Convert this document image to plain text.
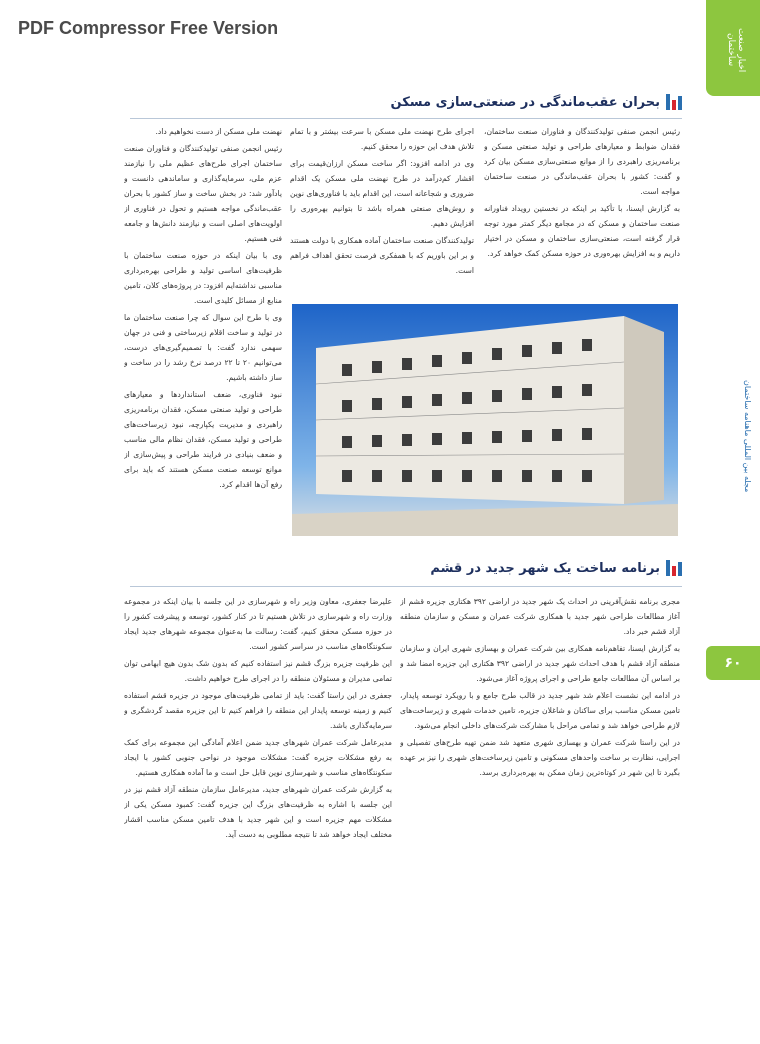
PDF Compressor Free Version	اخبار صنعت ساختمان
مجله بین المللی ماهنامه ساختمان
۶۰
بحران عقب‌ماندگی در صنعتی‌سازی مسکن

رئیس انجمن صنفی تولیدکنندگان و فناوران صنعت ساختمان، فقدان ضوابط و معیارهای طراحی و تولید صنعتی مسکن و برنامه‌ریزی راهبردی را از موانع صنعتی‌سازی مسکن بیان کرد و گفت: کشور با بحران عقب‌ماندگی در صنعت ساختمان مواجه است.

به گزارش ایسنا، با تأکید بر اینکه در نخستین رویداد فناورانه صنعت ساختمان و مسکن که در مجامع دیگر کمتر مورد توجه قرار گرفته است، صنعتی‌سازی ساختمان و مسکن در اختیار داریم و به افزایش بهره‌وری در حوزه مسکن کمک خواهد کرد.

اجرای طرح نهضت ملی مسکن با سرعت بیشتر و با تمام تلاش هدف این حوزه را محقق کنیم.

وی در ادامه افزود: اگر ساخت مسکن ارزان‌قیمت برای اقشار کم‌درآمد در طرح نهضت ملی مسکن یک اقدام ضروری و شجاعانه است، این اقدام باید با فناوری‌های نوین و روش‌های صنعتی همراه باشد تا بتوانیم بهره‌وری را افزایش دهیم.

تولیدکنندگان صنعت ساختمان آماده همکاری با دولت هستند و بر این باوریم که با همفکری فرصت تحقق اهداف فراهم است.

نهضت ملی مسکن از دست نخواهیم داد.

رئیس انجمن صنفی تولیدکنندگان و فناوران صنعت ساختمان اجرای طرح‌های عظیم ملی را نیازمند عزم ملی، سرمایه‌گذاری و ساماندهی دانست و یادآور شد: در بخش ساخت و ساز کشور با بحران عقب‌ماندگی مواجه هستیم و تحول در فناوری از اولویت‌های اصلی است و نیازمند دانش‌ها و جامعه فنی هستیم.

وی با بیان اینکه در حوزه صنعت ساختمان با ظرفیت‌های اساسی تولید و طراحی بهره‌برداری مناسبی نداشته‌ایم افزود: در پروژه‌های کلان، تامین منابع از مسائل کلیدی است.

وی با طرح این سوال که چرا صنعت ساختمان ما در تولید و ساخت اقلام زیرساختی و فنی در جهان سهمی ندارد گفت: با تصمیم‌گیری‌های درست، می‌توانیم ۲۰ تا ۲۲ درصد نرخ رشد را در ساخت و ساز داشته باشیم.

نبود فناوری، ضعف استانداردها و معیارهای طراحی و تولید صنعتی مسکن، فقدان برنامه‌ریزی راهبردی و مدیریت یکپارچه، نبود زیرساخت‌های طراحی و تولید مسکن، فقدان نظام مالی مناسب و ضعف بنیادی در فرایند طراحی و پیش‌سازی از موانع توسعه صنعت مسکن هستند که باید برای رفع آن‌ها اقدام کرد.

برنامه ساخت یک شهر جدید در قشم

مجری برنامه نقش‌آفرینی در احداث یک شهر جدید در اراضی ۳۹۲ هکتاری جزیره قشم از آغاز مطالعات طراحی شهر جدید با همکاری شرکت عمران و مسکن و سازمان منطقه آزاد قشم خبر داد.

به گزارش ایسنا، تفاهم‌نامه همکاری بین شرکت عمران و بهسازی شهری ایران و سازمان منطقه آزاد قشم با هدف احداث شهر جدید در اراضی ۳۹۲ هکتاری این جزیره امضا شد و بر اساس آن مطالعات جامع طراحی و اجرای پروژه آغاز می‌شود.

در ادامه این نشست اعلام شد شهر جدید در قالب طرح جامع و با رویکرد توسعه پایدار، تامین مسکن مناسب برای ساکنان و شاغلان جزیره، تامین خدمات شهری و زیرساخت‌های لازم طراحی خواهد شد و تمامی مراحل با مشارکت شرکت‌های داخلی انجام می‌شود.

در این راستا شرکت عمران و بهسازی شهری متعهد شد ضمن تهیه طرح‌های تفصیلی و اجرایی، نظارت بر ساخت واحدهای مسکونی و تامین زیرساخت‌های شهری را نیز بر عهده بگیرد تا این شهر در کوتاه‌ترین زمان ممکن به بهره‌برداری برسد.

علیرضا جعفری، معاون وزیر راه و شهرسازی در این جلسه با بیان اینکه در مجموعه وزارت راه و شهرسازی در تلاش هستیم تا در کنار کشور، توسعه و پیشرفت کشور را در حوزه مسکن محقق کنیم، گفت: رسالت ما به‌عنوان مجموعه شهرهای جدید ایجاد سکونتگاه‌های مناسب در سراسر کشور است.

این ظرفیت جزیره بزرگ قشم نیز استفاده کنیم که بدون شک بدون هیچ ابهامی توان تمامی مدیران و مسئولان منطقه را در اجرای طرح خواهیم داشت.

جعفری در این راستا گفت: باید از تمامی ظرفیت‌های موجود در جزیره قشم استفاده کنیم و زمینه توسعه پایدار این منطقه را فراهم کنیم تا این جزیره مقصد گردشگری و سرمایه‌گذاری باشد.

مدیرعامل شرکت عمران شهرهای جدید ضمن اعلام آمادگی این مجموعه برای کمک به رفع مشکلات جزیره گفت: مشکلات موجود در نواحی جنوبی کشور با ایجاد سکونتگاه‌های مناسب و شهرسازی نوین قابل حل است و ما آماده همکاری هستیم.

به گزارش شرکت عمران شهرهای جدید، مدیرعامل سازمان منطقه آزاد قشم نیز در این جلسه با اشاره به ظرفیت‌های بزرگ این جزیره گفت: کمبود مسکن یکی از مشکلات مهم جزیره است و این شهر جدید با هدف تامین مسکن مناسب اقشار مختلف ایجاد خواهد شد تا نتیجه مطلوبی به دست آید.
